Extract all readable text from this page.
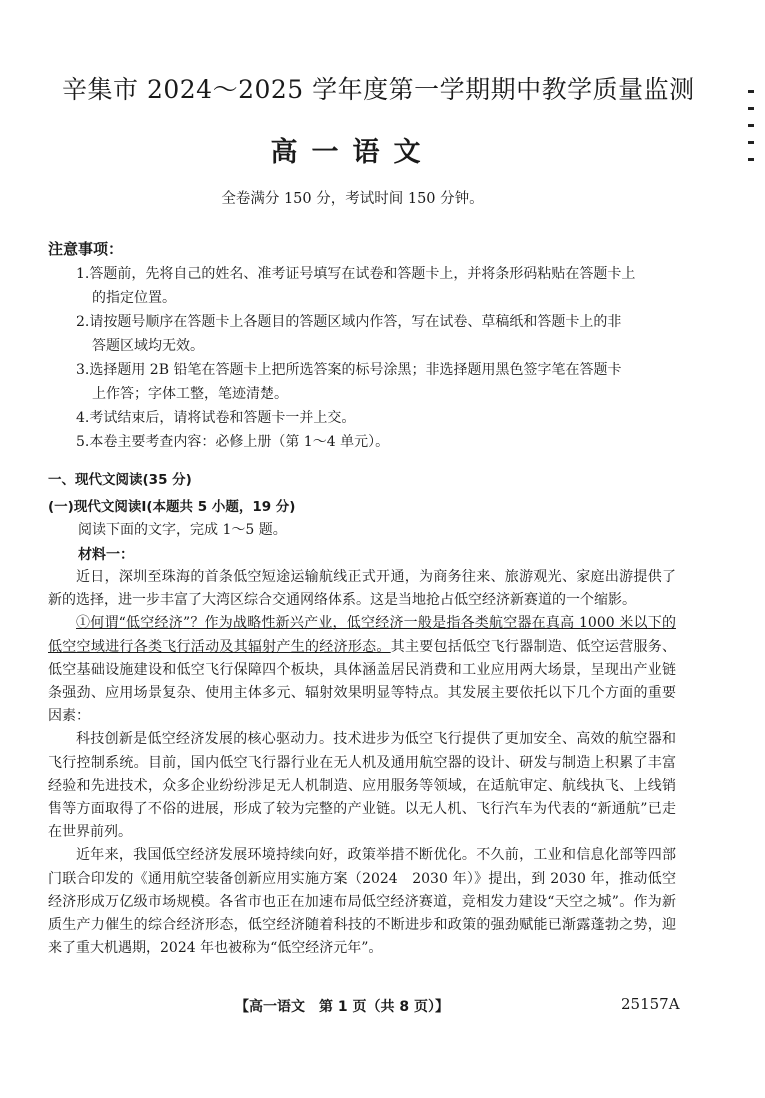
辛集市 2024～2025 学年度第一学期期中教学质量监测
高一语文
全卷满分 150 分，考试时间 150 分钟。
注意事项：
1.答题前，先将自己的姓名、准考证号填写在试卷和答题卡上，并将条形码粘贴在答题卡上
的指定位置。
2.请按题号顺序在答题卡上各题目的答题区域内作答，写在试卷、草稿纸和答题卡上的非
答题区域均无效。
3.选择题用 2B 铅笔在答题卡上把所选答案的标号涂黑；非选择题用黑色签字笔在答题卡
上作答；字体工整，笔迹清楚。
4.考试结束后，请将试卷和答题卡一并上交。
5.本卷主要考查内容：必修上册（第 1～4 单元）。
一、现代文阅读(35 分)
(一)现代文阅读Ⅰ(本题共 5 小题，19 分)
阅读下面的文字，完成 1～5 题。
材料一：

近日，深圳至珠海的首条低空短途运输航线正式开通，为商务往来、旅游观光、家庭出游提供了新的选择，进一步丰富了大湾区综合交通网络体系。这是当地抢占低空经济新赛道的一个缩影。

①何谓“低空经济”？作为战略性新兴产业，低空经济一般是指各类航空器在真高 1000 米以下的低空空域进行各类飞行活动及其辐射产生的经济形态。其主要包括低空飞行器制造、低空运营服务、低空基础设施建设和低空飞行保障四个板块，具体涵盖居民消费和工业应用两大场景，呈现出产业链条强劲、应用场景复杂、使用主体多元、辐射效果明显等特点。其发展主要依托以下几个方面的重要因素：

科技创新是低空经济发展的核心驱动力。技术进步为低空飞行提供了更加安全、高效的航空器和飞行控制系统。目前，国内低空飞行器行业在无人机及通用航空器的设计、研发与制造上积累了丰富经验和先进技术，众多企业纷纷涉足无人机制造、应用服务等领域，在适航审定、航线执飞、上线销售等方面取得了不俗的进展，形成了较为完整的产业链。以无人机、飞行汽车为代表的“新通航”已走在世界前列。

近年来，我国低空经济发展环境持续向好，政策举措不断优化。不久前，工业和信息化部等四部门联合印发的《通用航空装备创新应用实施方案（2024　2030 年）》提出，到 2030 年，推动低空经济形成万亿级市场规模。各省市也正在加速布局低空经济赛道，竞相发力建设“天空之城”。作为新质生产力催生的综合经济形态，低空经济随着科技的不断进步和政策的强劲赋能已渐露蓬勃之势，迎来了重大机遇期，2024 年也被称为“低空经济元年”。

【高一语文　第 1 页（共 8 页）】	25157A
